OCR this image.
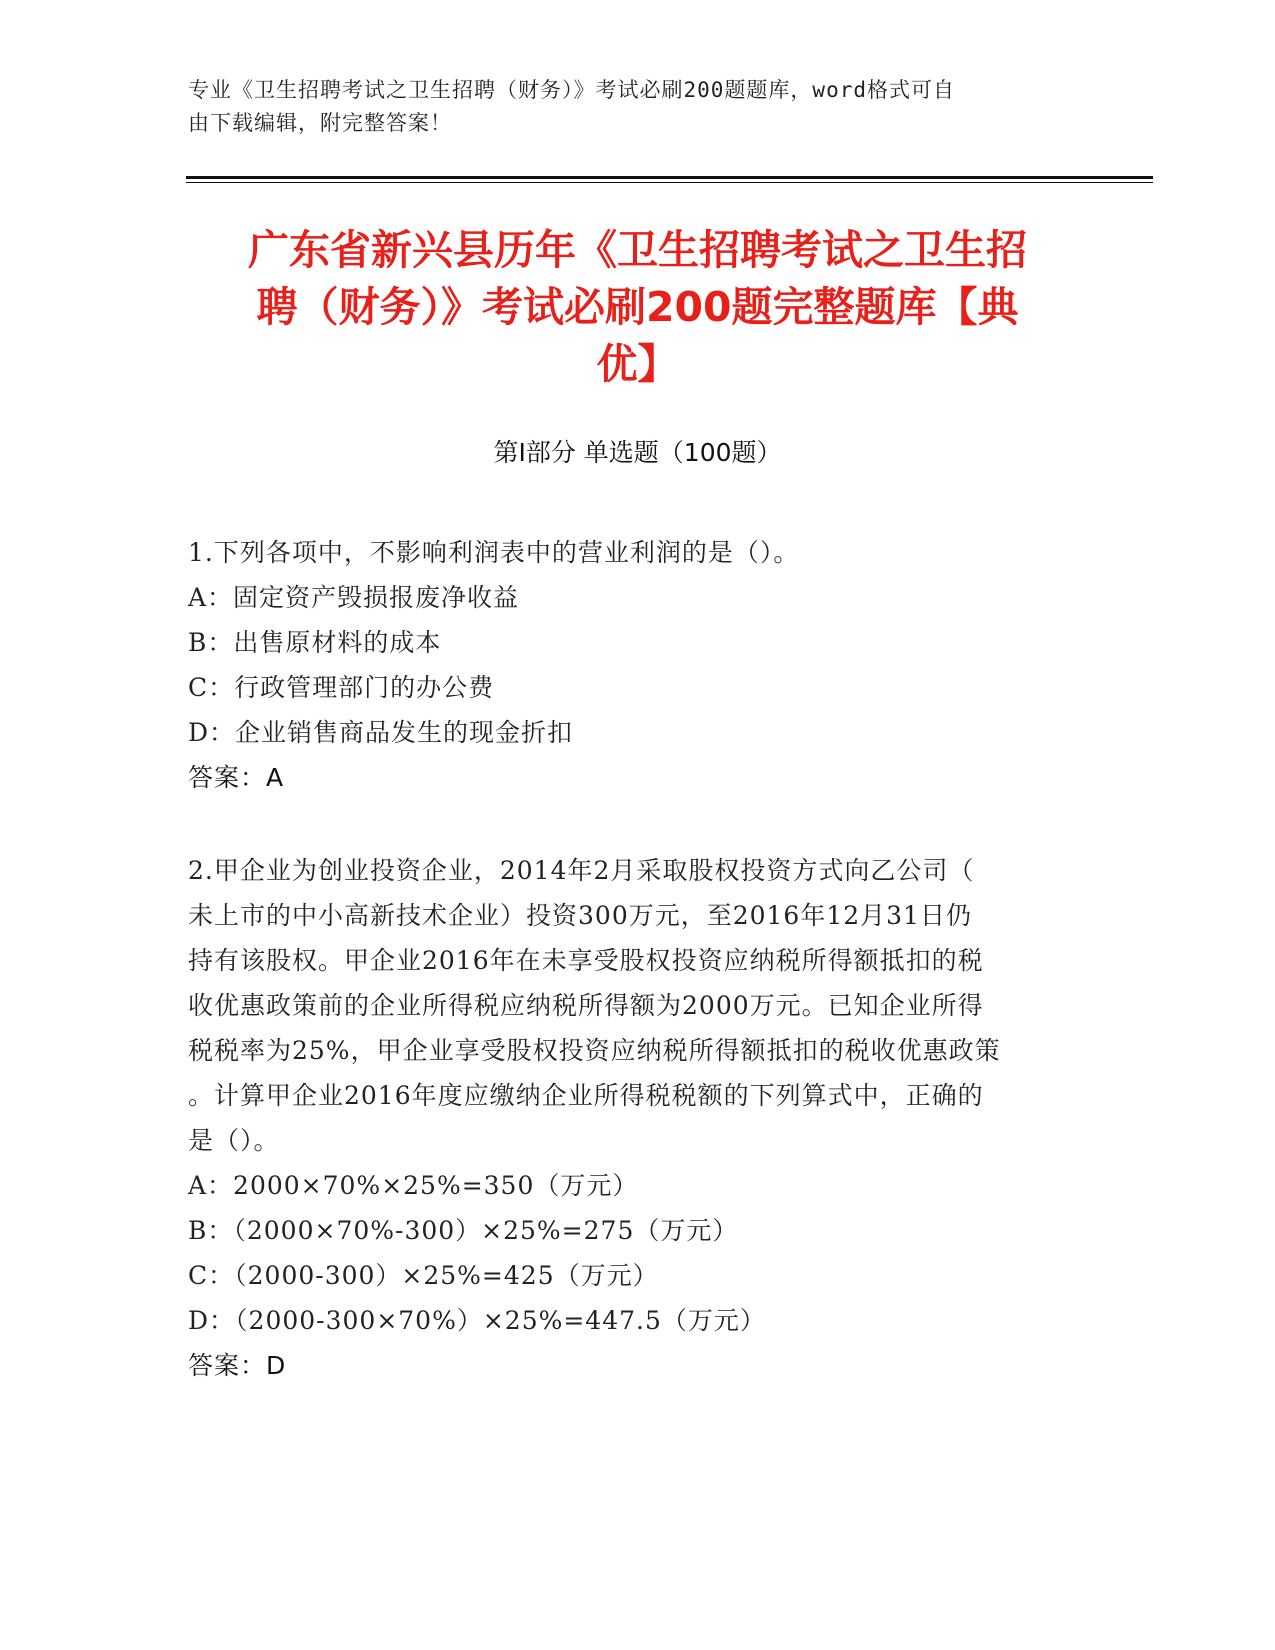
专业《卫生招聘考试之卫生招聘（财务）》考试必刷200题题库，word格式可自
由下载编辑，附完整答案！
广东省新兴县历年《卫生招聘考试之卫生招
聘（财务）》考试必刷200题完整题库【典
优】
第Ⅰ部分 单选题（100题）
1.下列各项中，不影响利润表中的营业利润的是（）。
A：固定资产毁损报废净收益
B：出售原材料的成本
C：行政管理部门的办公费
D：企业销售商品发生的现金折扣
答案：A
2.甲企业为创业投资企业，2014年2月采取股权投资方式向乙公司（
未上市的中小高新技术企业）投资300万元，至2016年12月31日仍
持有该股权。甲企业2016年在未享受股权投资应纳税所得额抵扣的税
收优惠政策前的企业所得税应纳税所得额为2000万元。已知企业所得
税税率为25%，甲企业享受股权投资应纳税所得额抵扣的税收优惠政策
。计算甲企业2016年度应缴纳企业所得税税额的下列算式中，正确的
是（）。
A：2000×70%×25%=350（万元）
B：（2000×70%-300）×25%=275（万元）
C：（2000-300）×25%=425（万元）
D：（2000-300×70%）×25%=447.5（万元）
答案：D
